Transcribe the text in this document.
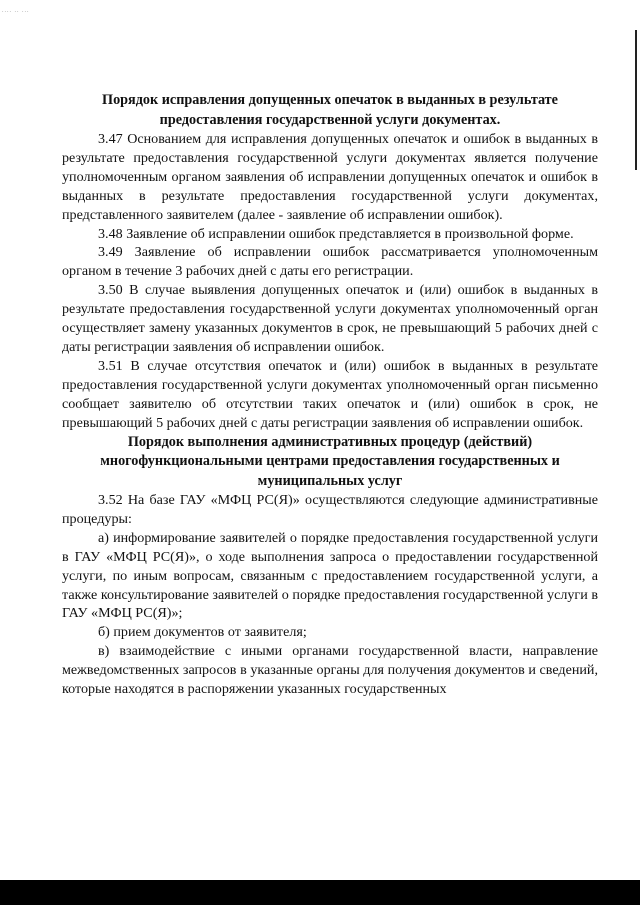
.... .. ...
Порядок исправления допущенных опечаток в выданных в результате предоставления государственной услуги документах.

3.47 Основанием для исправления допущенных опечаток и ошибок в выданных в результате предоставления государственной услуги документах является получение уполномоченным органом заявления об исправлении допущенных опечаток и ошибок в выданных в результате предоставления государственной услуги документах, представленного заявителем (далее - заявление об исправлении ошибок).

3.48 Заявление об исправлении ошибок представляется в произвольной форме.

3.49 Заявление об исправлении ошибок рассматривается уполномоченным органом в течение 3 рабочих дней с даты его регистрации.

3.50 В случае выявления допущенных опечаток и (или) ошибок в выданных в результате предоставления государственной услуги документах уполномоченный орган осуществляет замену указанных документов в срок, не превышающий 5 рабочих дней с даты регистрации заявления об исправлении ошибок.

3.51 В случае отсутствия опечаток и (или) ошибок в выданных в результате предоставления государственной услуги документах уполномоченный орган письменно сообщает заявителю об отсутствии таких опечаток и (или) ошибок в срок, не превышающий 5 рабочих дней с даты регистрации заявления об исправлении ошибок.

Порядок выполнения административных процедур (действий) многофункциональными центрами предоставления государственных и муниципальных услуг

3.52 На базе ГАУ «МФЦ РС(Я)» осуществляются следующие административные процедуры:

а) информирование заявителей о порядке предоставления государственной услуги в ГАУ «МФЦ РС(Я)», о ходе выполнения запроса о предоставлении государственной услуги, по иным вопросам, связанным с предоставлением государственной услуги, а также консультирование заявителей о порядке предоставления государственной услуги в ГАУ «МФЦ РС(Я)»;

б) прием документов от заявителя;

в) взаимодействие с иными органами государственной власти, направление межведомственных запросов в указанные органы для получения документов и сведений, которые находятся в распоряжении указанных государственных
